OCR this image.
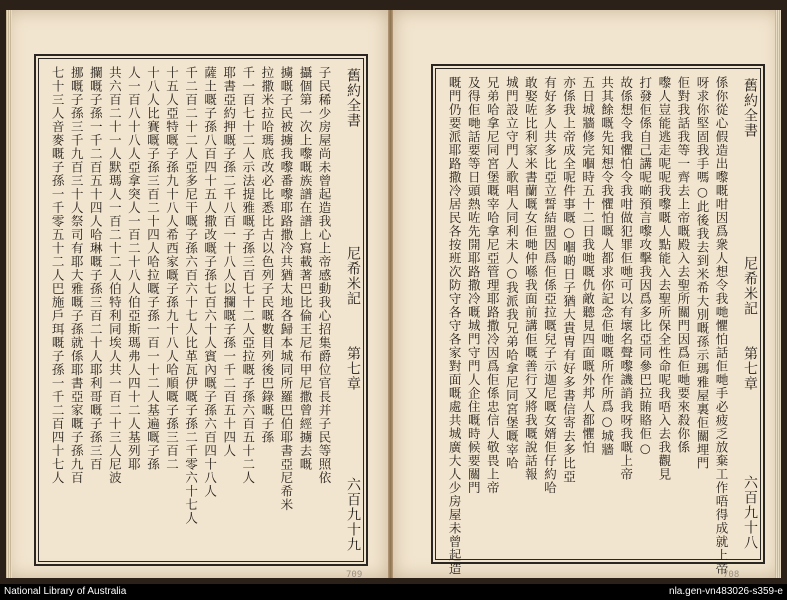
舊約全書
尼希米記
第七章
六百九十九
子民稀少房屋尚未曾起造我心上帝感動我心招集爵位官長并子民等照依
攝個第一次上嚟嘅族譜在譜上寫載著巴比倫王尼布甲尼撒曾經擄去嘅
擄嘅子民被擄我嚟番嚟耶路撒冷共猶太地各歸本城同所羅巴伯耶書亞尼希米
拉撒米拉哈瑪底改必比悉比古以色列子民嘅數目列後巴錄嘅子孫
千一百七十二人示法提雅嘅子孫三百七十二人亞拉嘅子孫六百五十二人
耶書亞約押嘅子孫二千八百一十八人以攔嘅子孫一千二百五十四人
薩土嘅子孫八百四十五人撒改嘅子孫七百六十人賓內嘅子孫六百四十八人
千二百二十二人亞多尼干嘅子孫六百六十七人比革瓦伊嘅子孫二千零六十七人
十五人亞特嘅子孫九十八人希西家嘅子孫九十八人哈順嘅子孫三百二
十八人比賽嘅子孫三百二十四人哈拉嘅子孫一百一十二人基遍嘅子孫
人一百八十八人亞拿突人一百二十八人伯亞斯瑪弗人四十二人基列耶
共六百二十一人默瑪人一百二十二人伯特利同埃人共一百二十三人尼波
攔嘅子孫一千二百五十四人哈琳嘅子孫三百二十人耶利哥嘅子孫三百
挪嘅子孫三千九百三十人祭司有耶大雅嘅子孫就係耶書亞家嘅子孫九百
七十三人音麥嘅子孫一千零五十二人巴施戶珥嘅子孫一千二百四十七人
709
舊約全書
尼希米記
第七章
六百九十八
係你從心假造出嚟嘅咁因爲衆人想令我哋懼怕話佢哋手必疲乏放棄工作唔得成就上帝
呀求你堅固我手嗎○此後我去到米希大別嘅孫示瑪雅屋裏佢關埋門
佢對我話我等一齊去上帝嘅殿入去聖所關門因爲佢哋要來殺你係
嚟人豈能逃走呢呢我嚟嘅人點能入去聖所保全性命呢我唔入去我觀見
打發佢係自己講呢啲預言嚟攻擊我因爲多比亞同參巴拉賄賂佢○
故係想令我懼怕令我咁做犯罪佢哋可以有壞名聲嚟譏誚我呀我嘅上帝
共其餘嘅先知想令我懼怕嘅人都求你記念佢哋嘅所作所爲○城牆
五日城牆修完嗰時五十二日我哋嘅仇敵聽見四面嘅外邦人都懼怕
亦係我上帝成全呢件事嘅○嗰啲日子猶大貴冑有好多書信寄去多比亞
有好多人共多比亞立誓結盟因爲佢係亞拉嘅兒子示迦尼嘅女婿佢仔約哈
敢娶咗比利家米書蘭嘅女佢哋仲喺我面前講佢嘅善行又將我嘅說話報
城門設立守門人歌唱人同利未人○我派我兄弟哈拿尼同宮堡嘅宰哈
兄弟哈拿尼同宮堡嘅宰哈拿尼亞管理耶路撒冷因爲佢係忠信人敬畏上帝
及得佢哋話要等日頭熱咗先開耶路撒冷嘅城門守門人企住嘅時候要關門
嘅門仍要派耶路撒冷居民各按班次防守各守各家對面嘅處共城廣大人少房屋未曾起造	708
National Library of Australia	nla.gen-vn483026-s359-e
